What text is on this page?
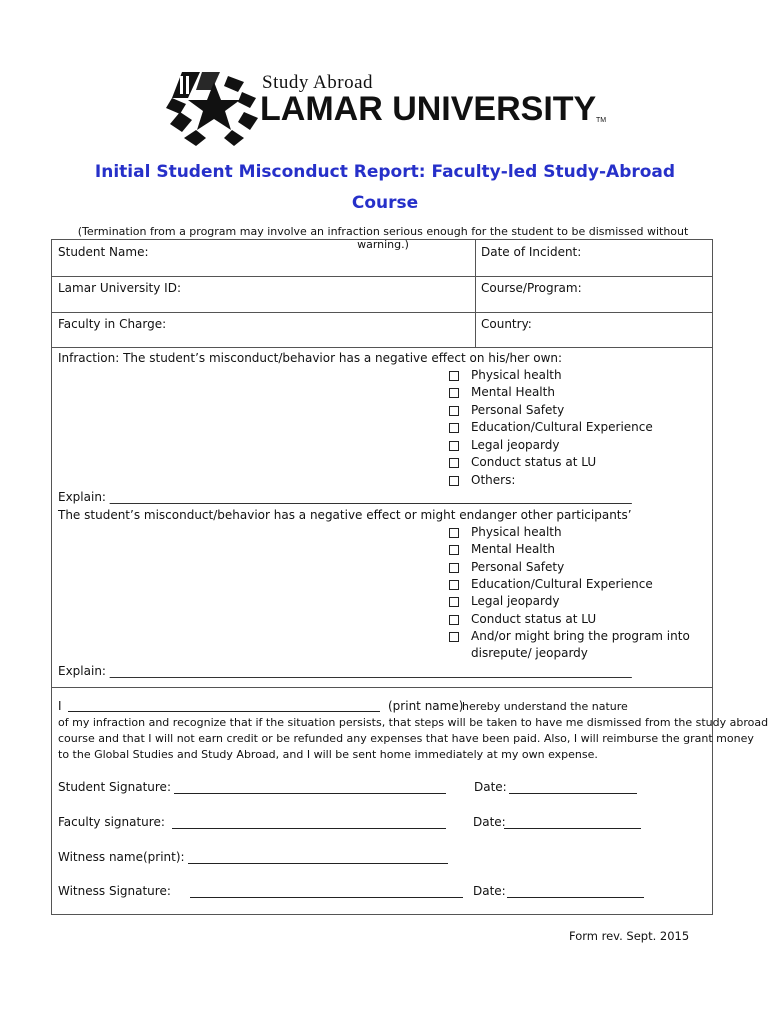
Study Abroad
LAMAR UNIVERSITY TM
Initial Student Misconduct Report: Faculty-led Study-Abroad
Course
(Termination from a program may involve an infraction serious enough for the student to be dismissed without warning.)
Student Name:	Date of Incident:
Lamar University ID:	Course/Program:
Faculty in Charge:	Country:
Infraction: The student’s misconduct/behavior has a negative effect on his/her own:
Physical health
Mental Health
Personal Safety
Education/Cultural Experience
Legal jeopardy
Conduct status at LU
Others:
Explain: _______________________________________________________________________________________
The student’s misconduct/behavior has a negative effect or might endanger other participants’
Physical health
Mental Health
Personal Safety
Education/Cultural Experience
Legal jeopardy
Conduct status at LU
And/or might bring the program into
disrepute/ jeopardy
Explain: _______________________________________________________________________________________
I	(print name)
hereby understand the nature
of my infraction and recognize that if the situation persists, that steps will be taken to have me dismissed from the study abroad
course and that I will not earn credit or be refunded any expenses that have been paid. Also, I will reimburse the grant money
to the Global Studies and Study Abroad, and I will be sent home immediately at my own expense.
Student Signature:	Date:
Faculty signature:	Date:
Witness name(print):
Witness Signature:	Date:
Form rev. Sept. 2015
